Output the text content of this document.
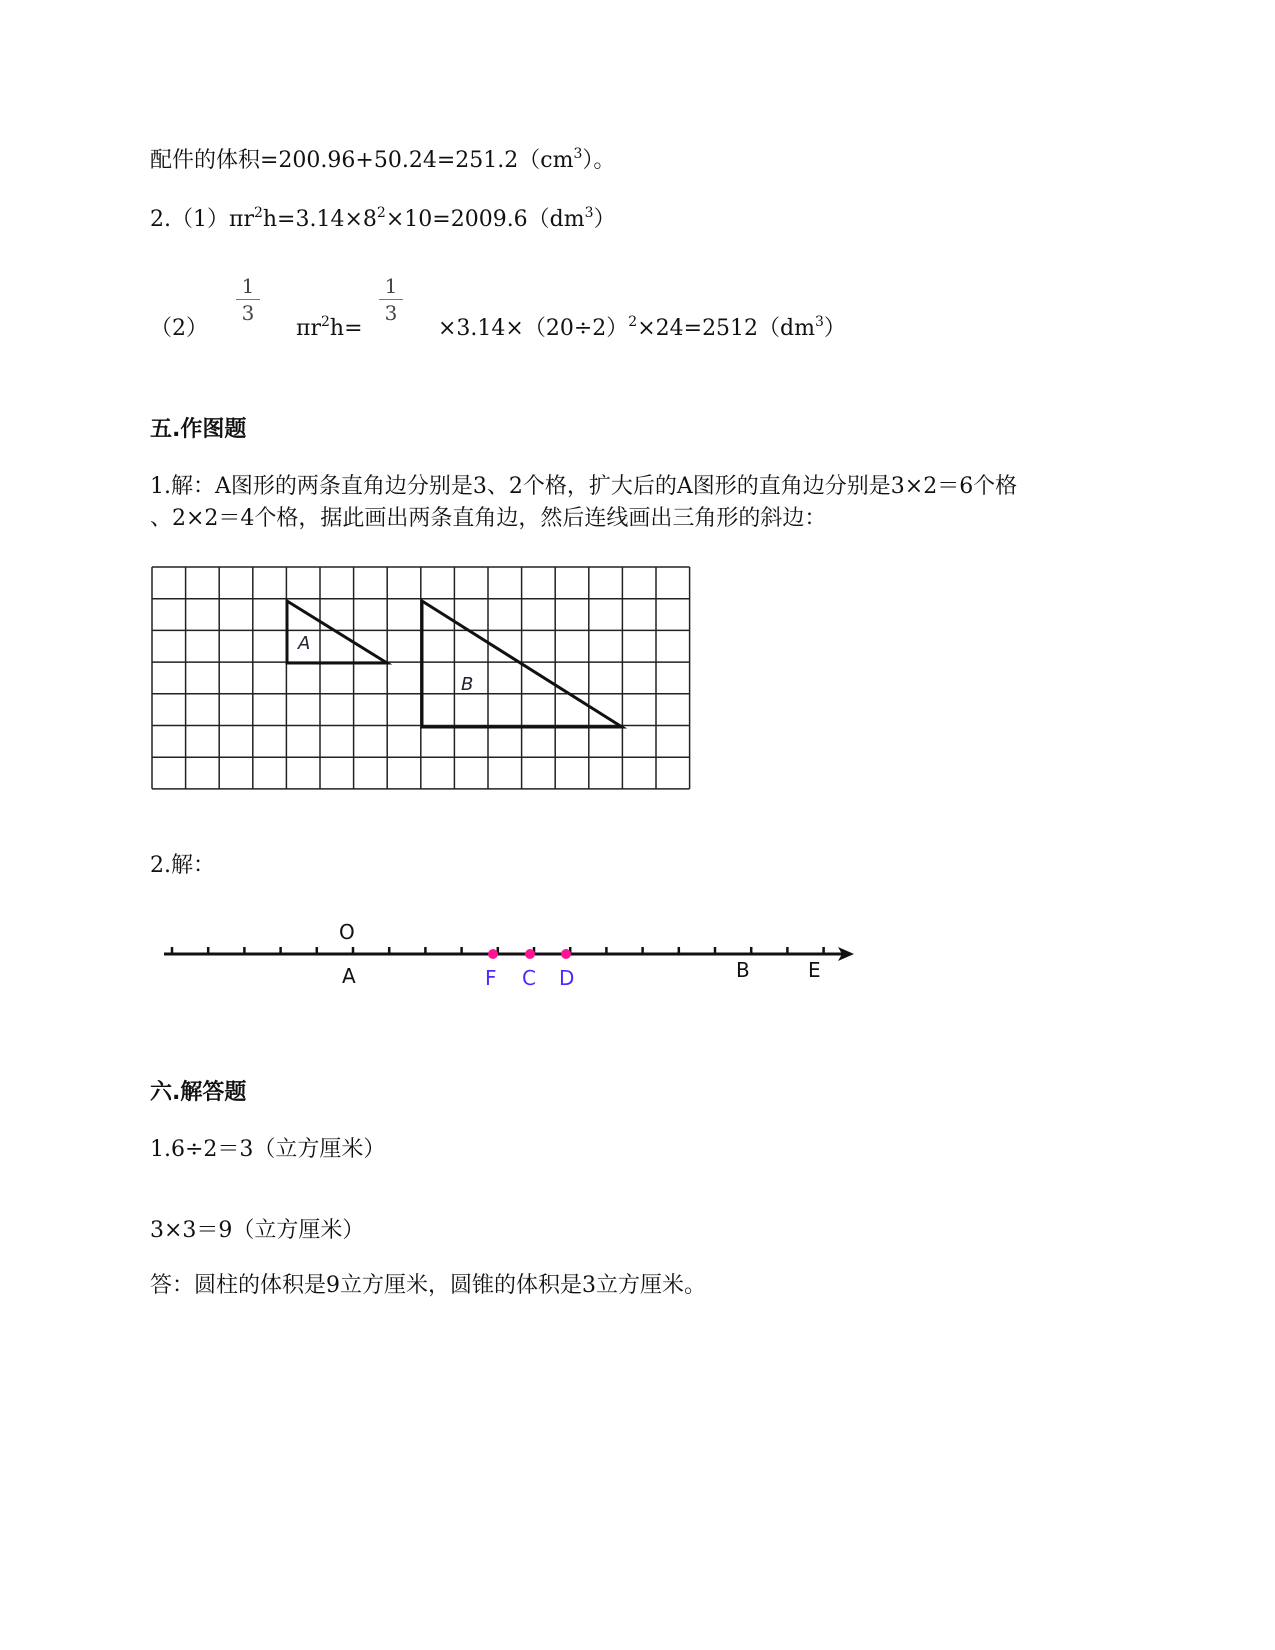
配件的体积$=200.96+50.24=251.2(cm^3)$。
$2.(1)\pi r^2h=3.14\times 8^2\times 10=2009.6(dm^3)$
$\frac{1}{3}$	$\frac{1}{3}$
（2）	$\pi r^2h=$	$\times 3.14\times(20\div 2)^2\times 24=2512(dm^3)$
五.作图题
1.解：A图形的两条直角边分别是3、2个格，扩大后的A图形的直角边分别是3×2＝6个格
、2×2＝4个格，据此画出两条直角边，然后连线画出三角形的斜边：
A
B
2.解：
O
A	F C D	B	E
六.解答题
1.6÷2＝3（立方厘米）
3×3＝9（立方厘米）
答：圆柱的体积是9立方厘米，圆锥的体积是3立方厘米。
